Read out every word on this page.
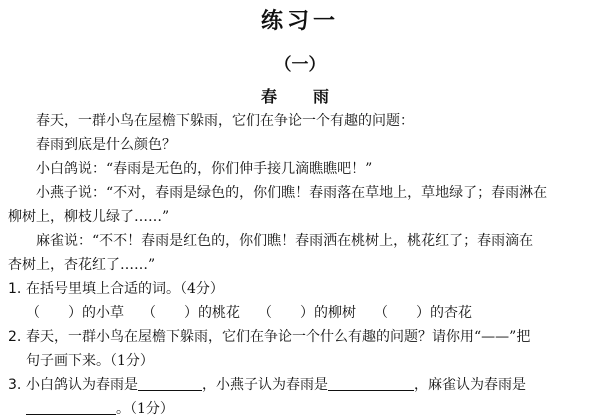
练习一
（一）
春　雨
春天，一群小鸟在屋檐下躲雨，它们在争论一个有趣的问题：
春雨到底是什么颜色？
小白鸽说：“春雨是无色的，你们伸手接几滴瞧瞧吧！”
小燕子说：“不对，春雨是绿色的，你们瞧！春雨落在草地上，草地绿了；春雨淋在
柳树上，柳枝儿绿了……”
麻雀说：“不不！春雨是红色的，你们瞧！春雨洒在桃树上，桃花红了；春雨滴在
杏树上，杏花红了……”
1. 在括号里填上合适的词。（4分）
（　　）的小草 （　　）的桃花 （　　）的柳树 （　　）的杏花
2. 春天，一群小鸟在屋檐下躲雨，它们在争论一个什么有趣的问题？请你用“——”把
句子画下来。（1分）
3. 小白鸽认为春雨是	，小燕子认为春雨是	，麻雀认为春雨是
。（1分）
